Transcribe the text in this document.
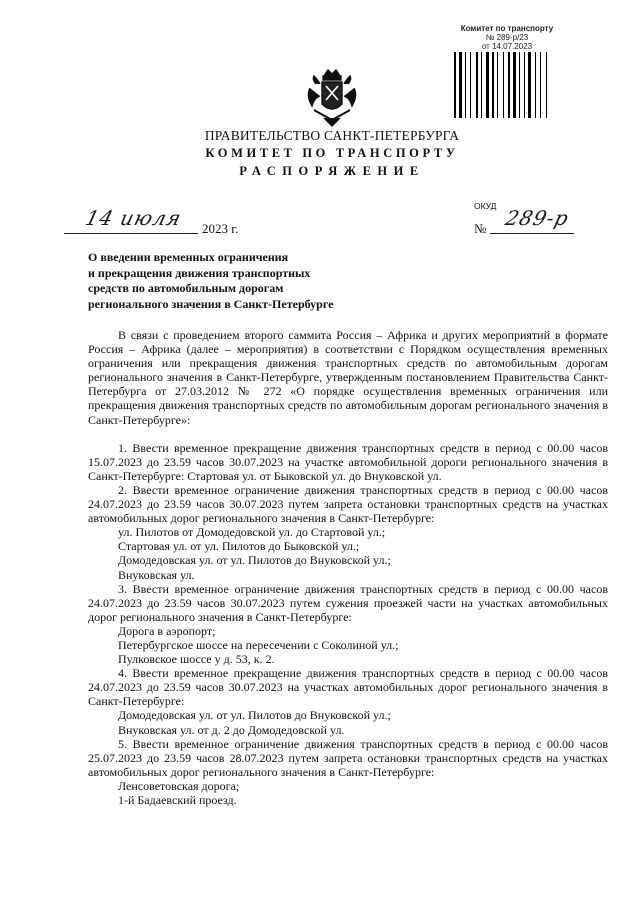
Комитет по транспорту
№ 289-р/23
от 14.07.2023
ПРАВИТЕЛЬСТВО САНКТ-ПЕТЕРБУРГА
КОМИТЕТ ПО ТРАНСПОРТУ
РАСПОРЯЖЕНИЕ
ОКУД
14 июля 2023 г.	№ 289-р
О введении временных ограничения
и прекращения движения транспортных
средств по автомобильным дорогам
регионального значения в Санкт-Петербурге

В связи с проведением второго саммита Россия – Африка и других мероприятий в формате Россия – Африка (далее – мероприятия) в соответствии с Порядком осуществления временных ограничения или прекращения движения транспортных средств по автомобильным дорогам регионального значения в Санкт-Петербурге, утвержденным постановлением Правительства Санкт-Петербурга от 27.03.2012 № 272 «О порядке осуществления временных ограничения или прекращения движения транспортных средств по автомобильным дорогам регионального значения в Санкт-Петербурге»:

1. Ввести временное прекращение движения транспортных средств в период с 00.00 часов 15.07.2023 до 23.59 часов 30.07.2023 на участке автомобильной дороги регионального значения в Санкт-Петербурге: Стартовая ул. от Быковской ул. до Внуковской ул.

2. Ввести временное ограничение движения транспортных средств в период с 00.00 часов 24.07.2023 до 23.59 часов 30.07.2023 путем запрета остановки транспортных средств на участках автомобильных дорог регионального значения в Санкт-Петербурге:

ул. Пилотов от Домодедовской ул. до Стартовой ул.;

Стартовая ул. от ул. Пилотов до Быковской ул.;

Домодедовская ул. от ул. Пилотов до Внуковской ул.;

Внуковская ул.

3. Ввести временное ограничение движения транспортных средств в период с 00.00 часов 24.07.2023 до 23.59 часов 30.07.2023 путем сужения проезжей части на участках автомобильных дорог регионального значения в Санкт-Петербурге:

Дорога в аэропорт;

Петербургское шоссе на пересечении с Соколиной ул.;

Пулковское шоссе у д. 53, к. 2.

4. Ввести временное прекращение движения транспортных средств в период с 00.00 часов 24.07.2023 до 23.59 часов 30.07.2023 на участках автомобильных дорог регионального значения в Санкт-Петербурге:

Домодедовская ул. от ул. Пилотов до Внуковской ул.;

Внуковская ул. от д. 2 до Домодедовской ул.

5. Ввести временное ограничение движения транспортных средств в период с 00.00 часов 25.07.2023 до 23.59 часов 28.07.2023 путем запрета остановки транспортных средств на участках автомобильных дорог регионального значения в Санкт-Петербурге:

Ленсоветовская дорога;

1-й Бадаевский проезд.
